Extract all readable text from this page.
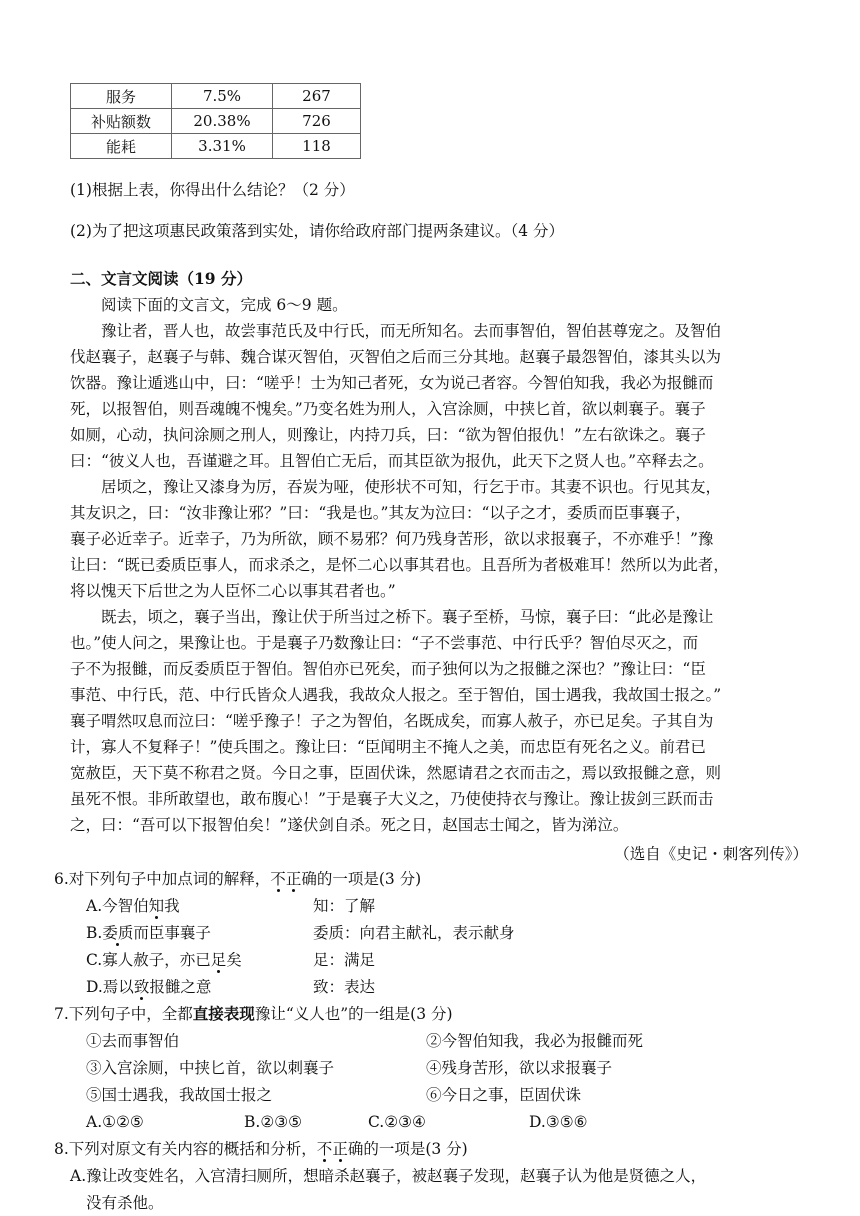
服务	7.5%	267
补贴额数	20.38%	726
能耗	3.31%	118
(1)根据上表，你得出什么结论？（2 分）
(2)为了把这项惠民政策落到实处，请你给政府部门提两条建议。（4 分）
二、文言文阅读（19 分）
阅读下面的文言文，完成 6～9 题。
豫让者，晋人也，故尝事范氏及中行氏，而无所知名。去而事智伯，智伯甚尊宠之。及智伯
伐赵襄子，赵襄子与韩、魏合谋灭智伯，灭智伯之后而三分其地。赵襄子最怨智伯，漆其头以为
饮器。豫让遁逃山中，曰：“嗟乎！士为知己者死，女为说己者容。今智伯知我，我必为报雠而
死，以报智伯，则吾魂魄不愧矣。”乃变名姓为刑人，入宫涂厕，中挟匕首，欲以刺襄子。襄子
如厕，心动，执问涂厕之刑人，则豫让，内持刀兵，曰：“欲为智伯报仇！”左右欲诛之。襄子
曰：“彼义人也，吾谨避之耳。且智伯亡无后，而其臣欲为报仇，此天下之贤人也。”卒释去之。
居顷之，豫让又漆身为厉，吞炭为哑，使形状不可知，行乞于市。其妻不识也。行见其友，
其友识之，曰：“汝非豫让邪？”曰：“我是也。”其友为泣曰：“以子之才，委质而臣事襄子，
襄子必近幸子。近幸子，乃为所欲，顾不易邪？何乃残身苦形，欲以求报襄子，不亦难乎！”豫
让曰：“既已委质臣事人，而求杀之，是怀二心以事其君也。且吾所为者极难耳！然所以为此者，
将以愧天下后世之为人臣怀二心以事其君者也。”
既去，顷之，襄子当出，豫让伏于所当过之桥下。襄子至桥，马惊，襄子曰：“此必是豫让
也。”使人问之，果豫让也。于是襄子乃数豫让曰：“子不尝事范、中行氏乎？智伯尽灭之，而
子不为报雠，而反委质臣于智伯。智伯亦已死矣，而子独何以为之报雠之深也？”豫让曰：“臣
事范、中行氏，范、中行氏皆众人遇我，我故众人报之。至于智伯，国士遇我，我故国士报之。”
襄子喟然叹息而泣曰：“嗟乎豫子！子之为智伯，名既成矣，而寡人赦子，亦已足矣。子其自为
计，寡人不复释子！”使兵围之。豫让曰：“臣闻明主不掩人之美，而忠臣有死名之义。前君已
宽赦臣，天下莫不称君之贤。今日之事，臣固伏诛，然愿请君之衣而击之，焉以致报雠之意，则
虽死不恨。非所敢望也，敢布腹心！”于是襄子大义之，乃使使持衣与豫让。豫让拔剑三跃而击
之，曰：“吾可以下报智伯矣！”遂伏剑自杀。死之日，赵国志士闻之，皆为涕泣。
（选自《史记・刺客列传》）
6.对下列句子中加点词的解释，不正确的一项是(3 分)
A.今智伯知我	知：了解
B.委质而臣事襄子	委质：向君主献礼，表示献身
C.寡人赦子，亦已足矣	足：满足
D.焉以致报雠之意	致：表达
7.下列句子中，全都直接表现豫让“义人也”的一组是(3 分)
①去而事智伯	②今智伯知我，我必为报雠而死
③入宫涂厕，中挟匕首，欲以刺襄子	④残身苦形，欲以求报襄子
⑤国士遇我，我故国士报之	⑥今日之事，臣固伏诛
A.①②⑤	B.②③⑤	C.②③④	D.③⑤⑥
8.下列对原文有关内容的概括和分析，不正确的一项是(3 分)
A.豫让改变姓名，入宫清扫厕所，想暗杀赵襄子，被赵襄子发现，赵襄子认为他是贤德之人，
没有杀他。
